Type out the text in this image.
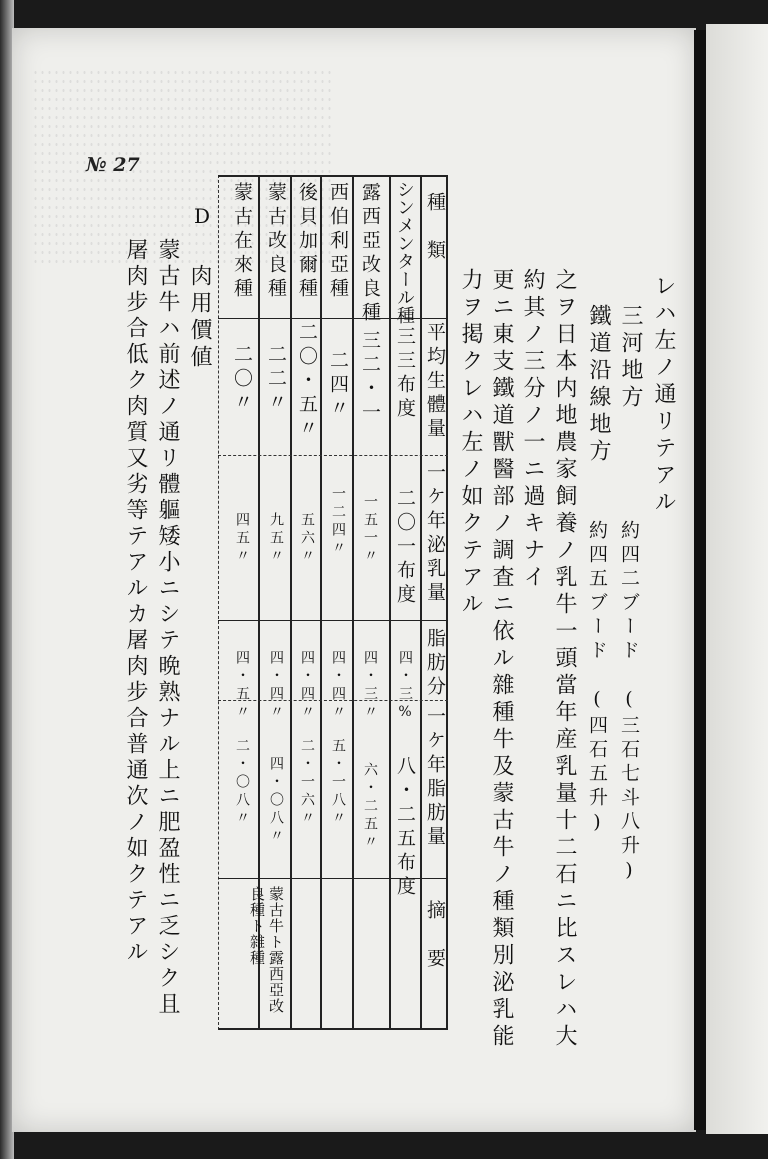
№ 27
レハ左ノ通リテアル
三河地方
約四二ブード　(三石七斗八升)
鐵道沿線地方
約四五ブード　(四石五升)
之ヲ日本内地農家飼養ノ乳牛一頭當年産乳量十二石ニ比スレハ大
約其ノ三分ノ一ニ過キナイ
更ニ東支鐵道獸醫部ノ調査ニ依ル雜種牛及蒙古牛ノ種類別泌乳能
力ヲ掲クレハ左ノ如クテアル
種　類
平均生體量
一ケ年泌乳量
脂肪分
一ケ年脂肪量
摘　要
シンメンタール種
三三布度
二〇一布度
四・三%
八・二五布度
露西亞改良種
三二・一
一五一〃
四・三〃
六・二五〃
西伯利亞種
二四〃
一二四〃
四・四〃
五・一八〃
後貝加爾種
二〇・五〃
五六〃
四・四〃
二・一六〃
蒙古改良種
二二〃
九五〃
四・四〃
四・〇八〃
蒙古牛ト露西亞改良種ト雜種
蒙古在來種
二〇〃
四五〃
四・五〃
二・〇八〃
D
肉用價値
蒙古牛ハ前述ノ通リ體軀矮小ニシテ晩熟ナル上ニ肥盈性ニ乏シク且
屠肉步合低ク肉質又劣等テアルカ屠肉步合普通次ノ如クテアル
